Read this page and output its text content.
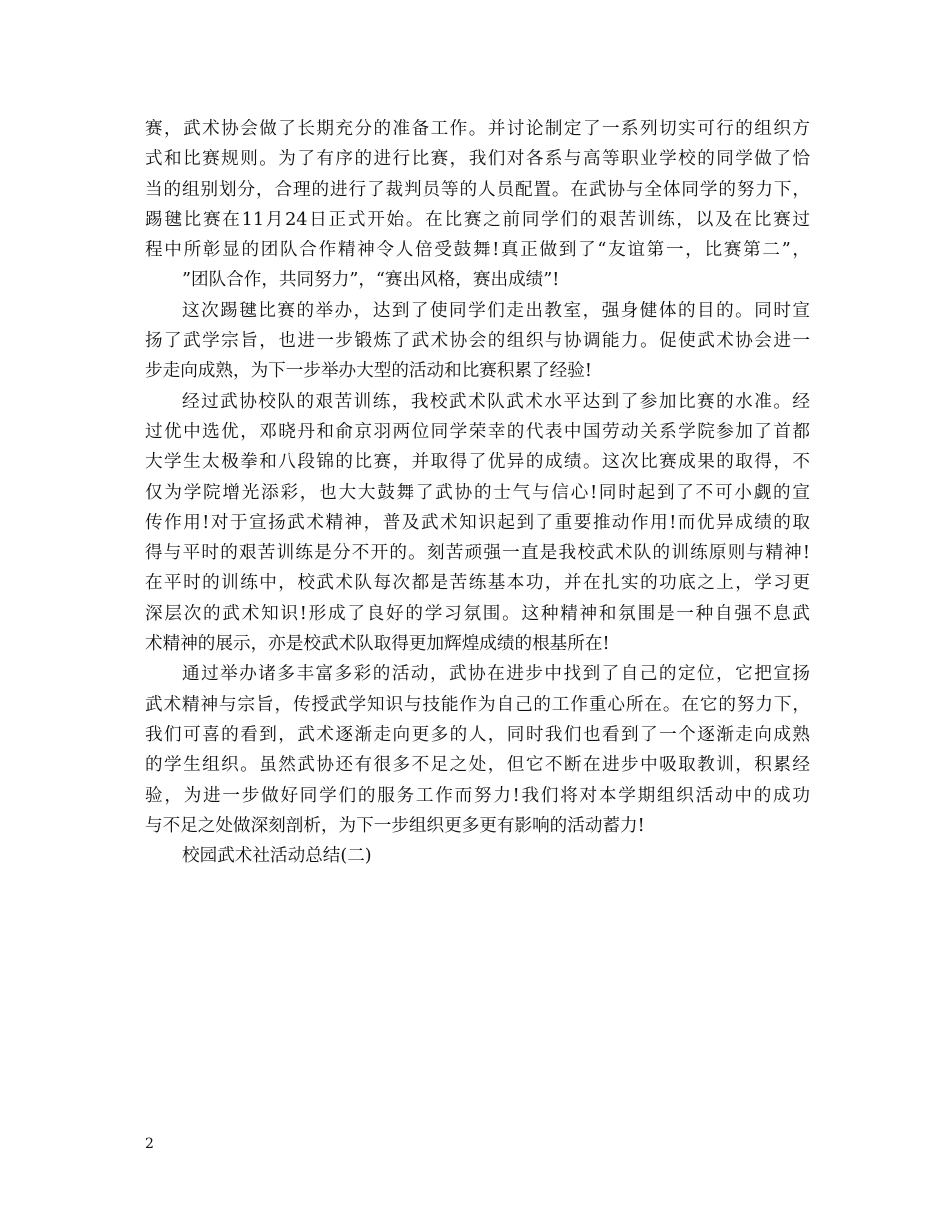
赛，武术协会做了长期充分的准备工作。并讨论制定了一系列切实可行的组织方
式和比赛规则。为了有序的进行比赛，我们对各系与高等职业学校的同学做了恰
当的组别划分，合理的进行了裁判员等的人员配置。在武协与全体同学的努力下，
踢毽比赛在11月24日正式开始。在比赛之前同学们的艰苦训练，以及在比赛过
程中所彰显的团队合作精神令人倍受鼓舞!真正做到了“友谊第一，比赛第二”，
”团队合作，共同努力”，“赛出风格，赛出成绩”!
这次踢毽比赛的举办，达到了使同学们走出教室，强身健体的目的。同时宣
扬了武学宗旨，也进一步锻炼了武术协会的组织与协调能力。促使武术协会进一
步走向成熟，为下一步举办大型的活动和比赛积累了经验!
经过武协校队的艰苦训练，我校武术队武术水平达到了参加比赛的水准。经
过优中选优，邓晓丹和俞京羽两位同学荣幸的代表中国劳动关系学院参加了首都
大学生太极拳和八段锦的比赛，并取得了优异的成绩。这次比赛成果的取得，不
仅为学院增光添彩，也大大鼓舞了武协的士气与信心!同时起到了不可小觑的宣
传作用!对于宣扬武术精神，普及武术知识起到了重要推动作用!而优异成绩的取
得与平时的艰苦训练是分不开的。刻苦顽强一直是我校武术队的训练原则与精神!
在平时的训练中，校武术队每次都是苦练基本功，并在扎实的功底之上，学习更
深层次的武术知识!形成了良好的学习氛围。这种精神和氛围是一种自强不息武
术精神的展示，亦是校武术队取得更加辉煌成绩的根基所在!
通过举办诸多丰富多彩的活动，武协在进步中找到了自己的定位，它把宣扬
武术精神与宗旨，传授武学知识与技能作为自己的工作重心所在。在它的努力下，
我们可喜的看到，武术逐渐走向更多的人，同时我们也看到了一个逐渐走向成熟
的学生组织。虽然武协还有很多不足之处，但它不断在进步中吸取教训，积累经
验，为进一步做好同学们的服务工作而努力!我们将对本学期组织活动中的成功
与不足之处做深刻剖析，为下一步组织更多更有影响的活动蓄力!
校园武术社活动总结(二)
2
